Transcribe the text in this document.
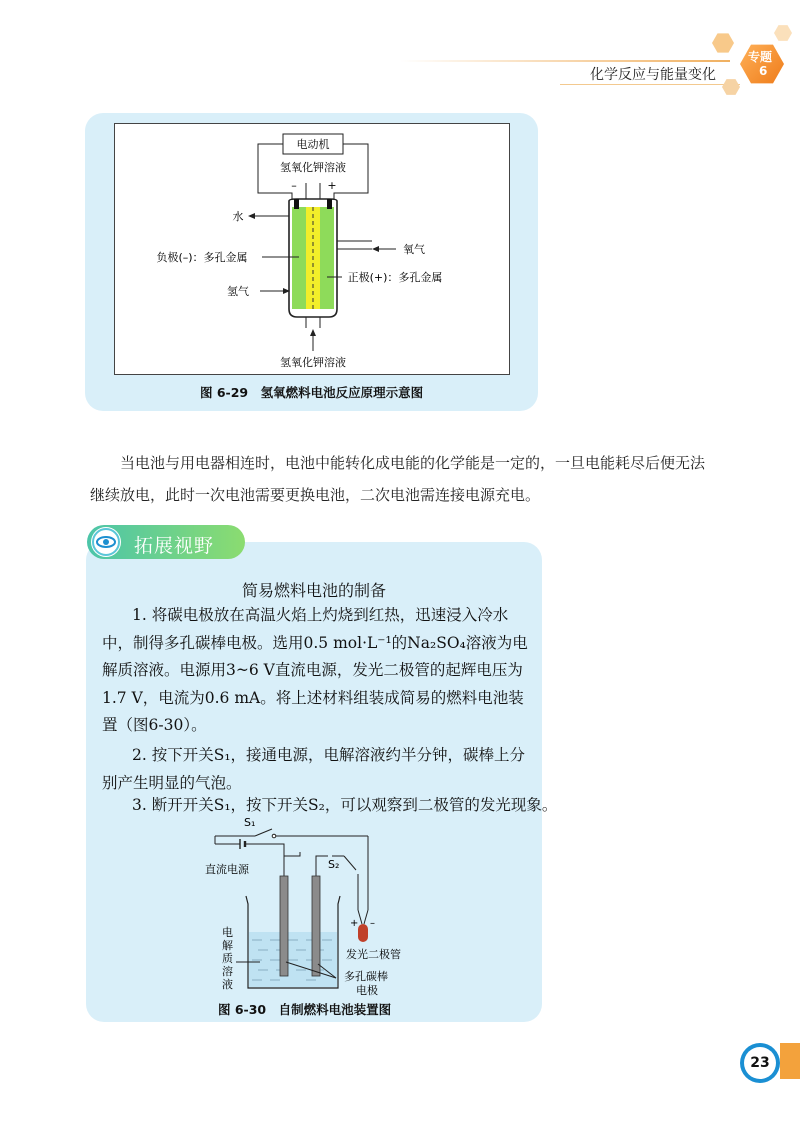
化学反应与能量变化
专题
6
电动机
氢氧化钾溶液
–	+
水
氧气
负极(–)：多孔金属
正极(+)：多孔金属
氢气
氢氧化钾溶液
图 6-29　氢氧燃料电池反应原理示意图
当电池与用电器相连时，电池中能转化成电能的化学能是一定的，一旦电能耗尽后便无法
继续放电，此时一次电池需要更换电池，二次电池需连接电源充电。
拓展视野
简易燃料电池的制备
1. 将碳电极放在高温火焰上灼烧到红热，迅速浸入冷水
中，制得多孔碳棒电极。选用0.5 mol·L⁻¹的Na₂SO₄溶液为电
解质溶液。电源用3~6 V直流电源，发光二极管的起辉电压为
1.7 V，电流为0.6 mA。将上述材料组装成简易的燃料电池装
置（图6-30）。
2. 按下开关S₁，接通电源，电解溶液约半分钟，碳棒上分
别产生明显的气泡。
3. 断开开关S₁，按下开关S₂，可以观察到二极管的发光现象。
S₁
直流电源	S₂
+ –
发光二极管
电
解
质
溶
液
多孔碳棒
电极
图 6-30　自制燃料电池装置图
23
